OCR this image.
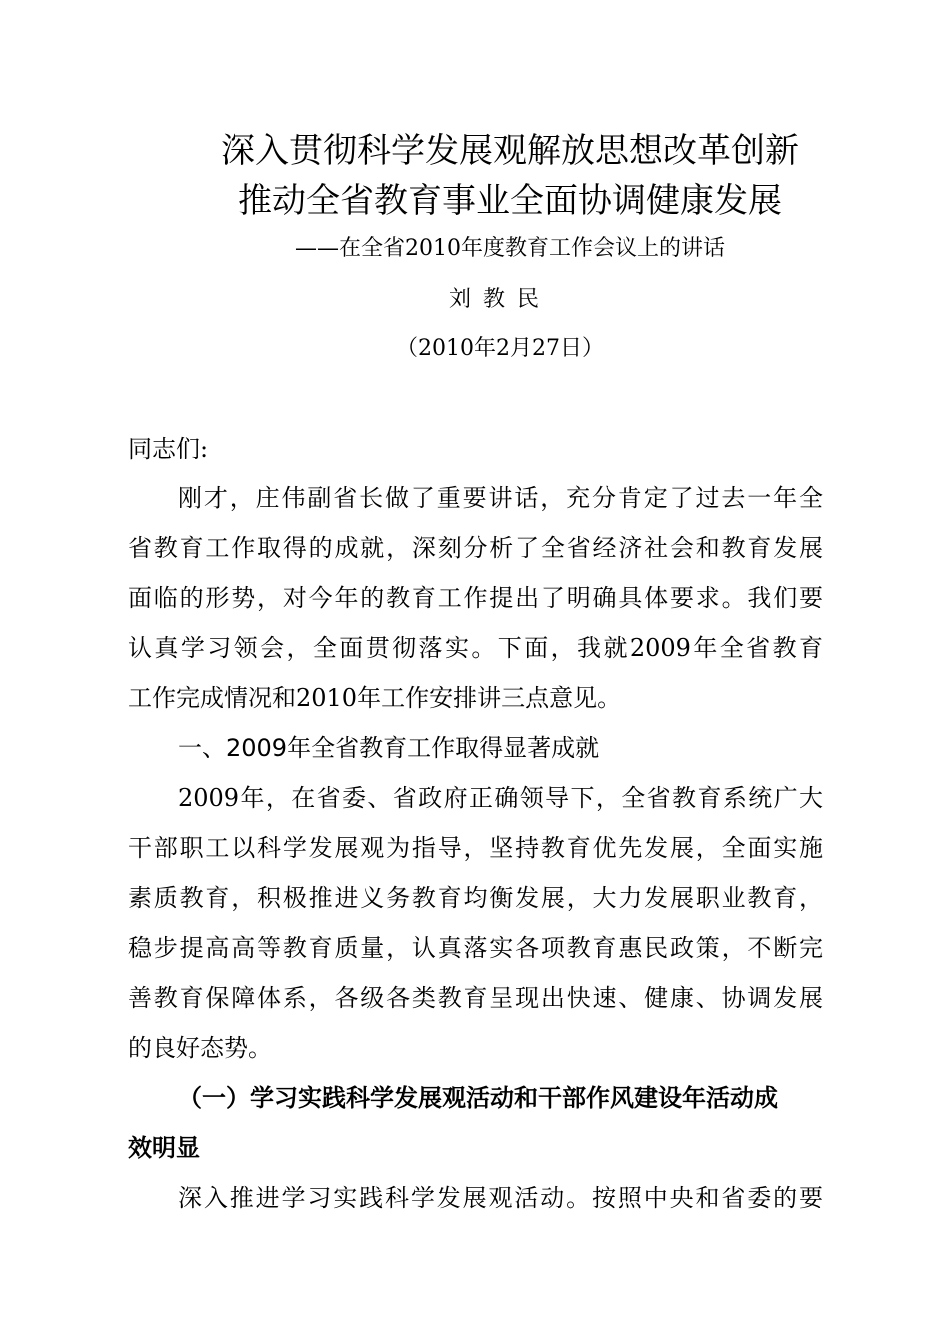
深入贯彻科学发展观解放思想改革创新
推动全省教育事业全面协调健康发展
——在全省2010年度教育工作会议上的讲话
刘教民
（2010年2月27日）
同志们:
刚才，庄伟副省长做了重要讲话，充分肯定了过去一年全
省教育工作取得的成就，深刻分析了全省经济社会和教育发展
面临的形势，对今年的教育工作提出了明确具体要求。我们要
认真学习领会，全面贯彻落实。下面，我就2009年全省教育
工作完成情况和2010年工作安排讲三点意见。
一、2009年全省教育工作取得显著成就
2009年，在省委、省政府正确领导下，全省教育系统广大
干部职工以科学发展观为指导，坚持教育优先发展，全面实施
素质教育，积极推进义务教育均衡发展，大力发展职业教育，
稳步提高高等教育质量，认真落实各项教育惠民政策，不断完
善教育保障体系，各级各类教育呈现出快速、健康、协调发展
的良好态势。
（一）学习实践科学发展观活动和干部作风建设年活动成
效明显
深入推进学习实践科学发展观活动。按照中央和省委的要
